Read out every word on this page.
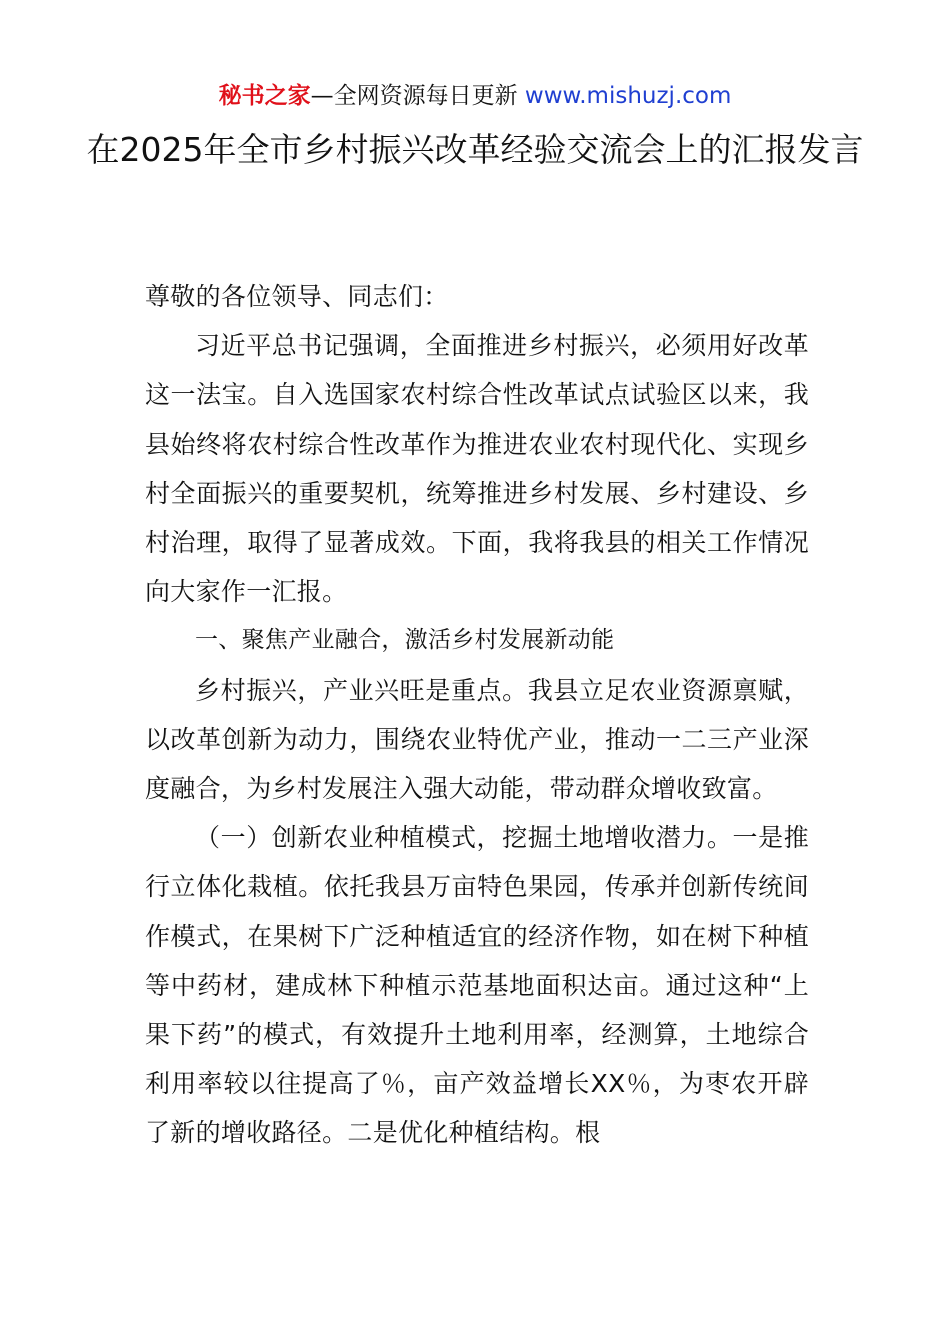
秘书之家—全网资源每日更新 www.mishuzj.com
在2025年全市乡村振兴改革经验交流会上的汇报发言

尊敬的各位领导、同志们：

习近平总书记强调，全面推进乡村振兴，必须用好改革这一法宝。自入选国家农村综合性改革试点试验区以来，我县始终将农村综合性改革作为推进农业农村现代化、实现乡村全面振兴的重要契机，统筹推进乡村发展、乡村建设、乡村治理，取得了显著成效。下面，我将我县的相关工作情况向大家作一汇报。

一、聚焦产业融合，激活乡村发展新动能

乡村振兴，产业兴旺是重点。我县立足农业资源禀赋，以改革创新为动力，围绕农业特优产业，推动一二三产业深度融合，为乡村发展注入强大动能，带动群众增收致富。

（一）创新农业种植模式，挖掘土地增收潜力。一是推行立体化栽植。依托我县万亩特色果园，传承并创新传统间作模式，在果树下广泛种植适宜的经济作物，如在树下种植等中药材，建成林下种植示范基地面积达亩。通过这种“上果下药”的模式，有效提升土地利用率，经测算，土地综合利用率较以往提高了％，亩产效益增长XX％，为枣农开辟了新的增收路径。二是优化种植结构。根
